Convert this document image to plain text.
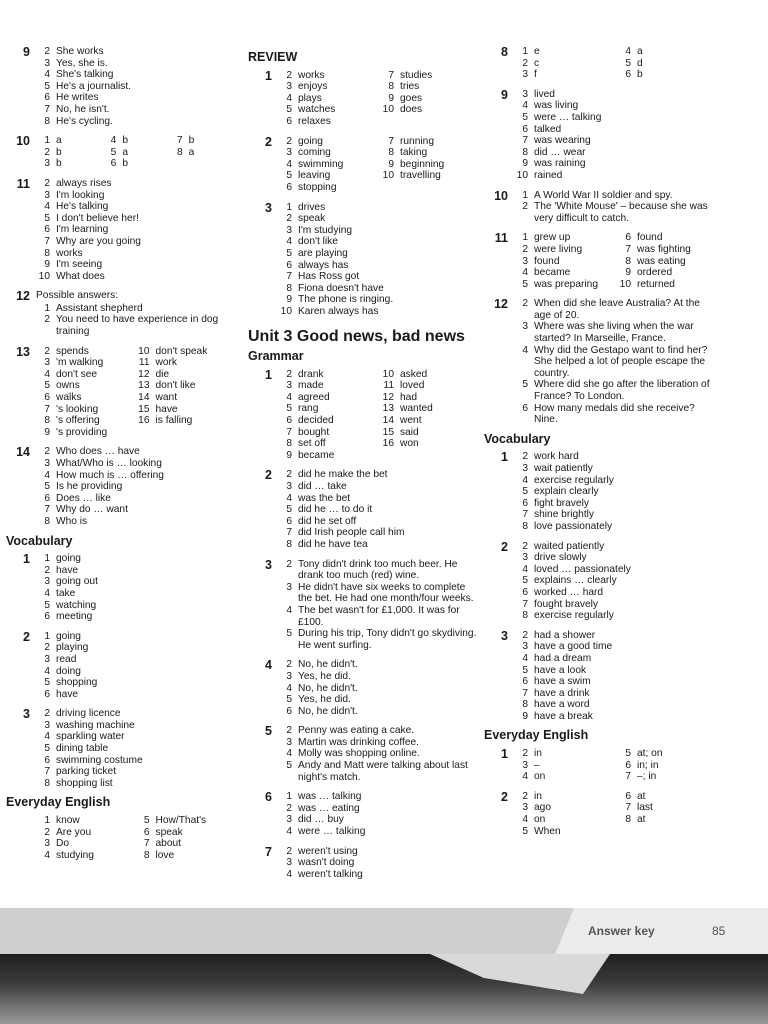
9	2 She works
3 Yes, she is.
4 She's talking
5 He's a journalist.
6 He writes
7 No, he isn't.
8 He's cycling.
10	1 a	4 b	7 b
2 b	5 a	8 a
3 b	6 b
11	2 always rises
3 I'm looking
4 He's talking
5 I don't believe her!
6 I'm learning
7 Why are you going
8 works
9 I'm seeing
10 What does
12 Possible answers:
1 Assistant shepherd
2 You need to have experience in dog training
13	2 spends	10 don't speak
3 'm walking	11 work
4 don't see	12 die
5 owns	13 don't like
6 walks	14 want
7 's looking	15 have
8 's offering	16 is falling
9 's providing
14	2 Who does … have
3 What/Who is … looking
4 How much is … offering
5 Is he providing
6 Does … like
7 Why do … want
8 Who is
Vocabulary
1	1 going
2 have
3 going out
4 take
5 watching
6 meeting
2	1 going
2 playing
3 read
4 doing
5 shopping
6 have
3	2 driving licence
3 washing machine
4 sparkling water
5 dining table
6 swimming costume
7 parking ticket
8 shopping list
Everyday English
1 know	5 How/That's
2 Are you	6 speak
3 Do	7 about
4 studying	8 love
REVIEW
1	2 works	7 studies
3 enjoys	8 tries
4 plays	9 goes
5 watches	10 does
6 relaxes
2	2 going	7 running
3 coming	8 taking
4 swimming	9 beginning
5 leaving	10 travelling
6 stopping
3	1 drives
2 speak
3 I'm studying
4 don't like
5 are playing
6 always has
7 Has Ross got
8 Fiona doesn't have
9 The phone is ringing.
10 Karen always has
Unit 3 Good news, bad news
Grammar
1	2 drank	10 asked
3 made	11 loved
4 agreed	12 had
5 rang	13 wanted
6 decided	14 went
7 bought	15 said
8 set off	16 won
9 became
2	2 did he make the bet
3 did … take
4 was the bet
5 did he … to do it
6 did he set off
7 did Irish people call him
8 did he have tea
3	2 Tony didn't drink too much beer. He drank too much (red) wine.
3 He didn't have six weeks to complete the bet. He had one month/four weeks.
4 The bet wasn't for £1,000. It was for £100.
5 During his trip, Tony didn't go skydiving. He went surfing.
4	2 No, he didn't.
3 Yes, he did.
4 No, he didn't.
5 Yes, he did.
6 No, he didn't.
5	2 Penny was eating a cake.
3 Martin was drinking coffee.
4 Molly was shopping online.
5 Andy and Matt were talking about last night's match.
6	1 was … talking
2 was … eating
3 did … buy
4 were … talking
7	2 weren't using
3 wasn't doing
4 weren't talking
8	1 e	4 a
2 c	5 d
3 f	6 b
9	3 lived
4 was living
5 were … talking
6 talked
7 was wearing
8 did … wear
9 was raining
10 rained
10	1 A World War II soldier and spy.
2 The 'White Mouse' – because she was very difficult to catch.
11	1 grew up	6 found
2 were living	7 was fighting
3 found	8 was eating
4 became	9 ordered
5 was preparing	10 returned
12	2 When did she leave Australia? At the age of 20.
3 Where was she living when the war started? In Marseille, France.
4 Why did the Gestapo want to find her? She helped a lot of people escape the country.
5 Where did she go after the liberation of France? To London.
6 How many medals did she receive? Nine.
Vocabulary
1	2 work hard
3 wait patiently
4 exercise regularly
5 explain clearly
6 fight bravely
7 shine brightly
8 love passionately
2	2 waited patiently
3 drive slowly
4 loved … passionately
5 explains … clearly
6 worked … hard
7 fought bravely
8 exercise regularly
3	2 had a shower
3 have a good time
4 had a dream
5 have a look
6 have a swim
7 have a drink
8 have a word
9 have a break
Everyday English
1	2 in	5 at; on
3 –	6 in; in
4 on	7 –; in
2	2 in	6 at
3 ago	7 last
4 on	8 at
5 When
Answer key	85
